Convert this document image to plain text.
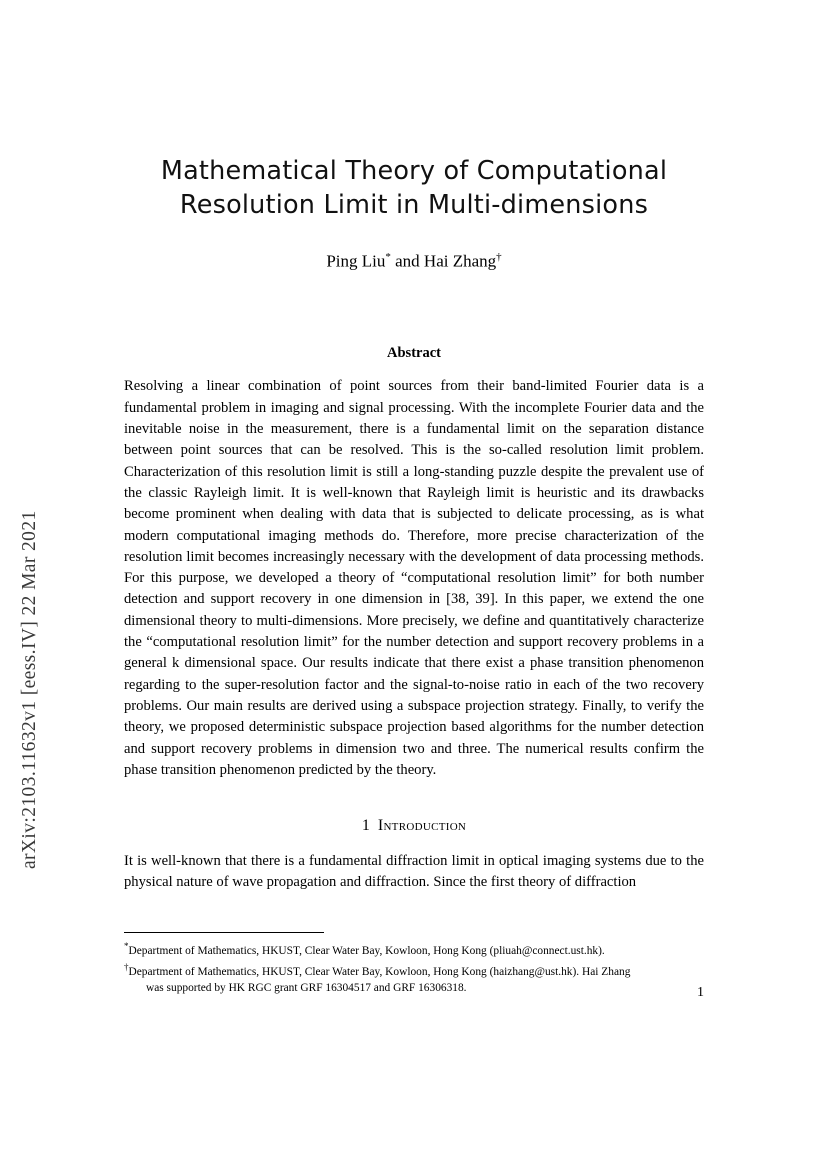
arXiv:2103.11632v1 [eess.IV] 22 Mar 2021
Mathematical Theory of Computational
Resolution Limit in Multi-dimensions
Ping Liu* and Hai Zhang†
Abstract
Resolving a linear combination of point sources from their band-limited Fourier data is a fundamental problem in imaging and signal processing. With the incomplete Fourier data and the inevitable noise in the measurement, there is a fundamental limit on the separation distance between point sources that can be resolved. This is the so-called resolution limit problem. Characterization of this resolution limit is still a long-standing puzzle despite the prevalent use of the classic Rayleigh limit. It is well-known that Rayleigh limit is heuristic and its drawbacks become prominent when dealing with data that is subjected to delicate processing, as is what modern computational imaging methods do. Therefore, more precise characterization of the resolution limit becomes increasingly necessary with the development of data processing methods. For this purpose, we developed a theory of “computational resolution limit” for both number detection and support recovery in one dimension in [38, 39]. In this paper, we extend the one dimensional theory to multi-dimensions. More precisely, we define and quantitatively characterize the “computational resolution limit” for the number detection and support recovery problems in a general k dimensional space. Our results indicate that there exist a phase transition phenomenon regarding to the super-resolution factor and the signal-to-noise ratio in each of the two recovery problems. Our main results are derived using a subspace projection strategy. Finally, to verify the theory, we proposed deterministic subspace projection based algorithms for the number detection and support recovery problems in dimension two and three. The numerical results confirm the phase transition phenomenon predicted by the theory.
1 Introduction
It is well-known that there is a fundamental diffraction limit in optical imaging systems due to the physical nature of wave propagation and diffraction. Since the first theory of diffraction
*Department of Mathematics, HKUST, Clear Water Bay, Kowloon, Hong Kong (pliuah@connect.ust.hk).
†Department of Mathematics, HKUST, Clear Water Bay, Kowloon, Hong Kong (haizhang@ust.hk). Hai Zhang
was supported by HK RGC grant GRF 16304517 and GRF 16306318.	1
